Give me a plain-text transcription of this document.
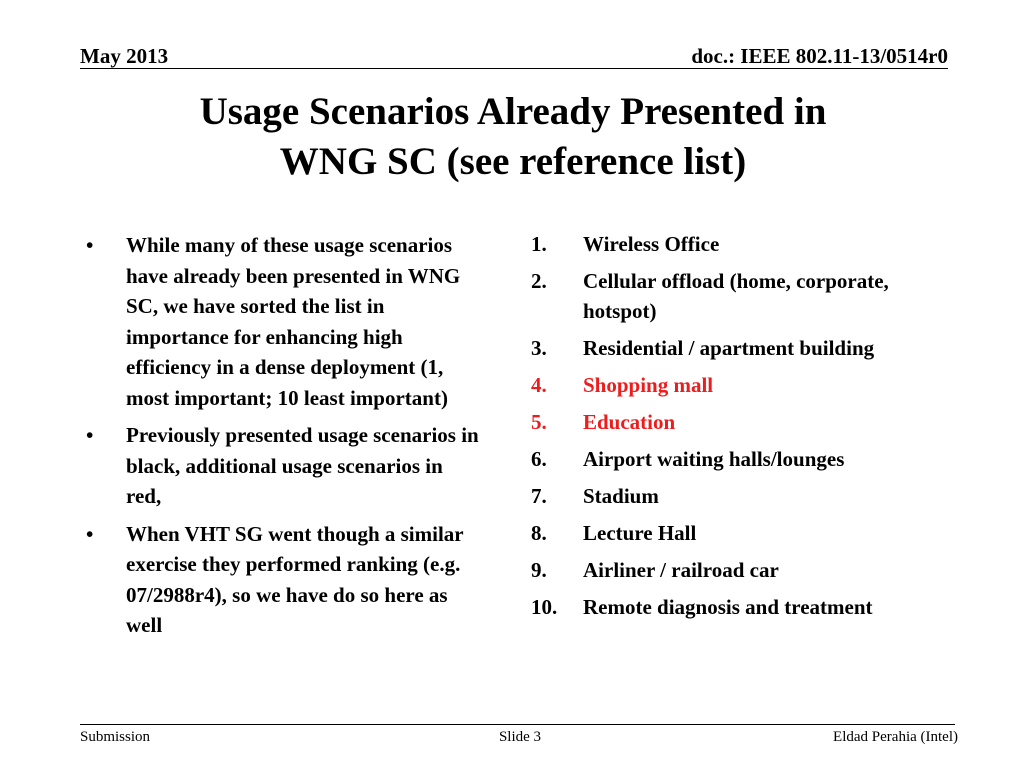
May 2013	doc.: IEEE 802.11-13/0514r0
Usage Scenarios Already Presented in
WNG SC (see reference list)
• While many of these usage scenarios have already been presented in WNG SC, we have sorted the list in importance for enhancing high efficiency in a dense deployment (1, most important; 10 least important)
• Previously presented usage scenarios in black, additional usage scenarios in red,
• When VHT SG went though a similar exercise they performed ranking (e.g. 07/2988r4), so we have do so here as well
1. Wireless Office
2. Cellular offload (home, corporate, hotspot)
3. Residential / apartment building
4. Shopping mall
5. Education
6. Airport waiting halls/lounges
7. Stadium
8. Lecture Hall
9. Airliner / railroad car
10. Remote diagnosis and treatment
Submission	Slide 3	Eldad Perahia (Intel)
